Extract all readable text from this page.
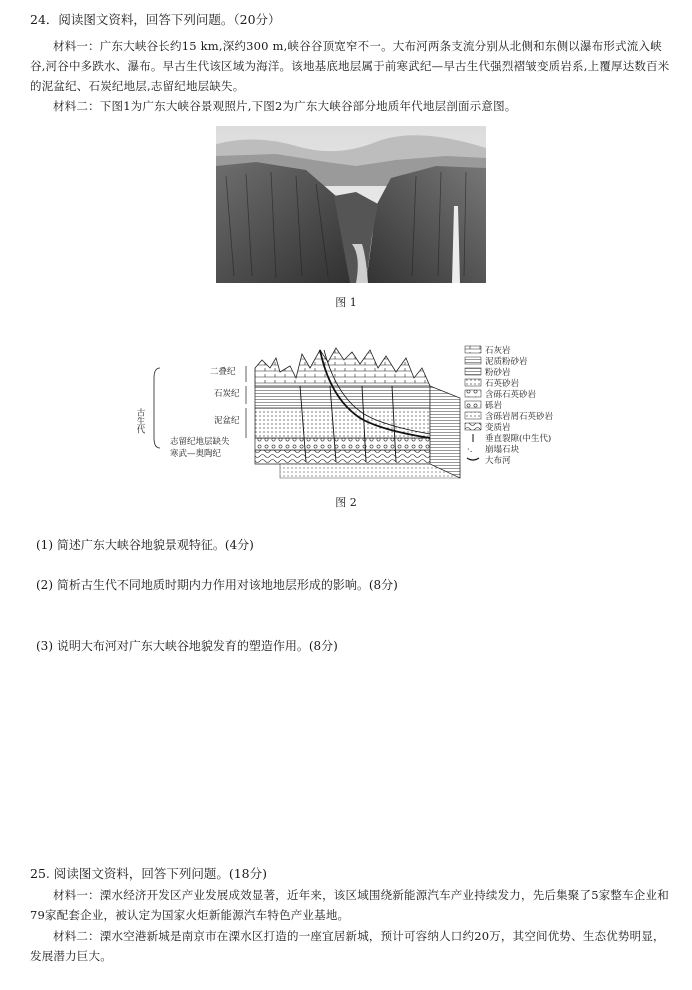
24．阅读图文资料，回答下列问题。（20分）

材料一：广东大峡谷长约15 km,深约300 m,峡谷谷顶宽窄不一。大布河两条支流分别从北侧和东侧以瀑布形式流入峡谷,河谷中多跌水、瀑布。早古生代该区域为海洋。该地基底地层属于前寒武纪—早古生代强烈褶皱变质岩系,上覆厚达数百米的泥盆纪、石炭纪地层,志留纪地层缺失。

材料二：下图1为广东大峡谷景观照片,下图2为广东大峡谷部分地质年代地层剖面示意图。

图 1
古生代
二叠纪
石炭纪
泥盆纪
志留纪地层缺失
寒武—奥陶纪
石灰岩
泥质粉砂岩
粉砂岩
石英砂岩
含砾石英砂岩
砾岩
含砾岩屑石英砂岩
变质岩
垂直裂隙(中生代)
·. 崩塌石块
大布河
图 2
(1) 简述广东大峡谷地貌景观特征。(4分)
(2) 简析古生代不同地质时期内力作用对该地地层形成的影响。(8分)
(3) 说明大布河对广东大峡谷地貌发育的塑造作用。(8分)

25. 阅读图文资料，回答下列问题。(18分)

材料一：溧水经济开发区产业发展成效显著，近年来，该区域围绕新能源汽车产业持续发力，先后集聚了5家整车企业和79家配套企业，被认定为国家火炬新能源汽车特色产业基地。

材料二：溧水空港新城是南京市在溧水区打造的一座宜居新城，预计可容纳人口约20万，其空间优势、生态优势明显，发展潜力巨大。
